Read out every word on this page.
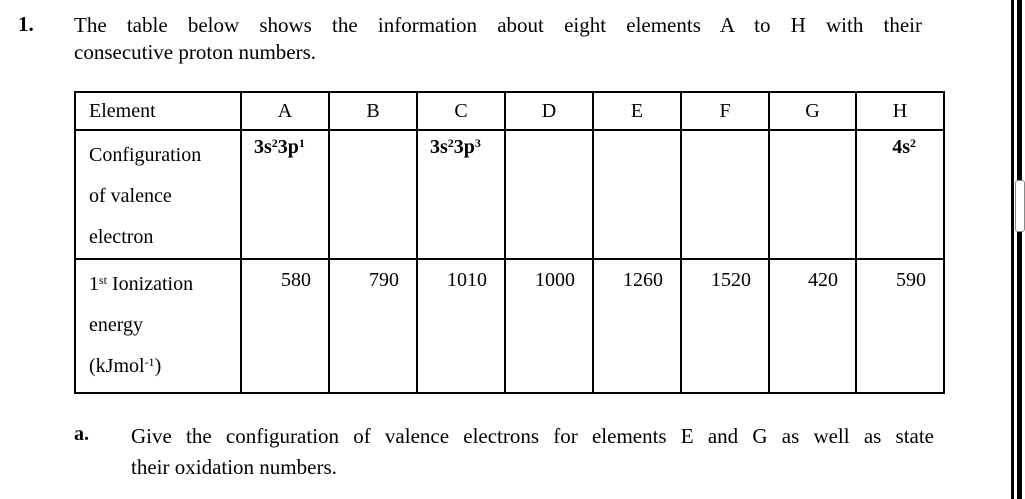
1. The table below shows the information about eight elements A to H with their
consecutive proton numbers.
Element	A	B	C	D	E	F	G	H
Configuration
of valence
electron	$3s^23p^1$		$3s^23p^3$					$4s^2$
1st Ionization
energy
(kJmol$^{-1}$)	580	790	1010	1000	1260	1520	420	590
a. Give the configuration of valence electrons for elements E and G as well as state
their oxidation numbers.
